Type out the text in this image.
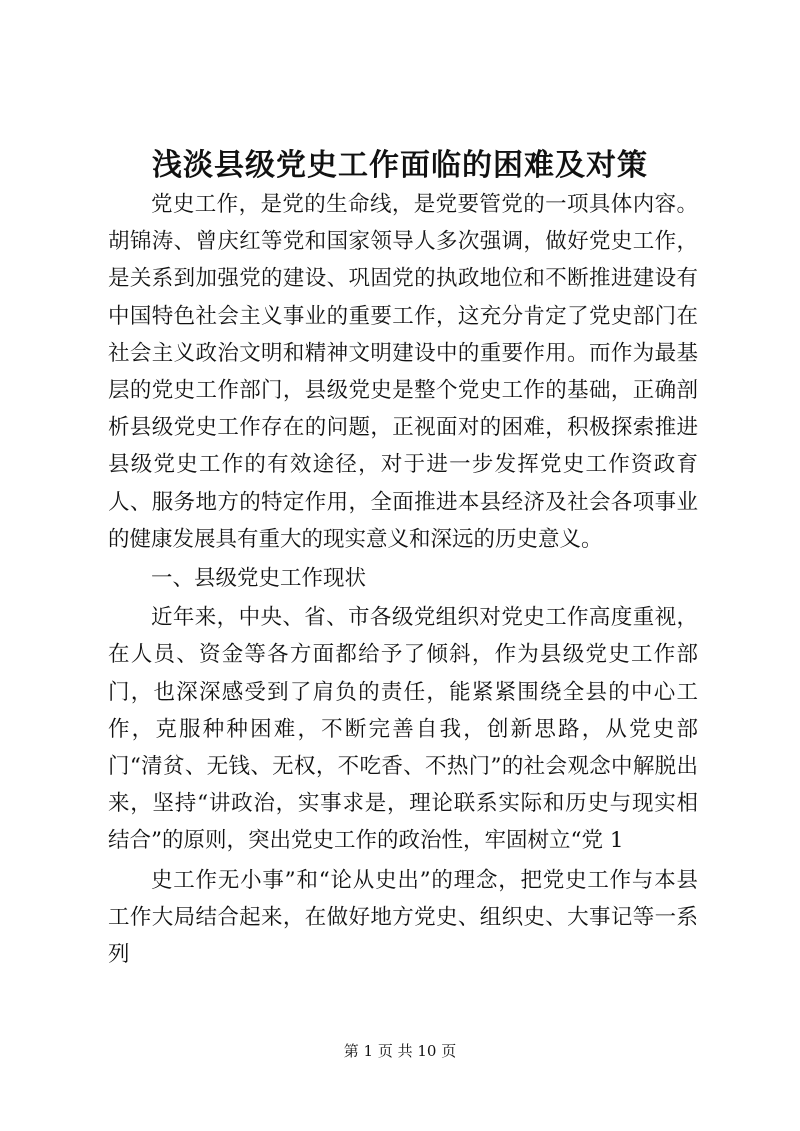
浅淡县级党史工作面临的困难及对策

党史工作，是党的生命线，是党要管党的一项具体内容。胡锦涛、曾庆红等党和国家领导人多次强调，做好党史工作，是关系到加强党的建设、巩固党的执政地位和不断推进建设有中国特色社会主义事业的重要工作，这充分肯定了党史部门在社会主义政治文明和精神文明建设中的重要作用。而作为最基层的党史工作部门，县级党史是整个党史工作的基础，正确剖析县级党史工作存在的问题，正视面对的困难，积极探索推进县级党史工作的有效途径，对于进一步发挥党史工作资政育人、服务地方的特定作用，全面推进本县经济及社会各项事业的健康发展具有重大的现实意义和深远的历史意义。

一、县级党史工作现状

近年来，中央、省、市各级党组织对党史工作高度重视，在人员、资金等各方面都给予了倾斜，作为县级党史工作部门，也深深感受到了肩负的责任，能紧紧围绕全县的中心工作，克服种种困难，不断完善自我，创新思路，从党史部门“清贫、无钱、无权，不吃香、不热门”的社会观念中解脱出来，坚持“讲政治，实事求是，理论联系实际和历史与现实相结合”的原则，突出党史工作的政治性，牢固树立“党 1

史工作无小事”和“论从史出”的理念，把党史工作与本县工作大局结合起来，在做好地方党史、组织史、大事记等一系列

第 1 页 共 10 页
